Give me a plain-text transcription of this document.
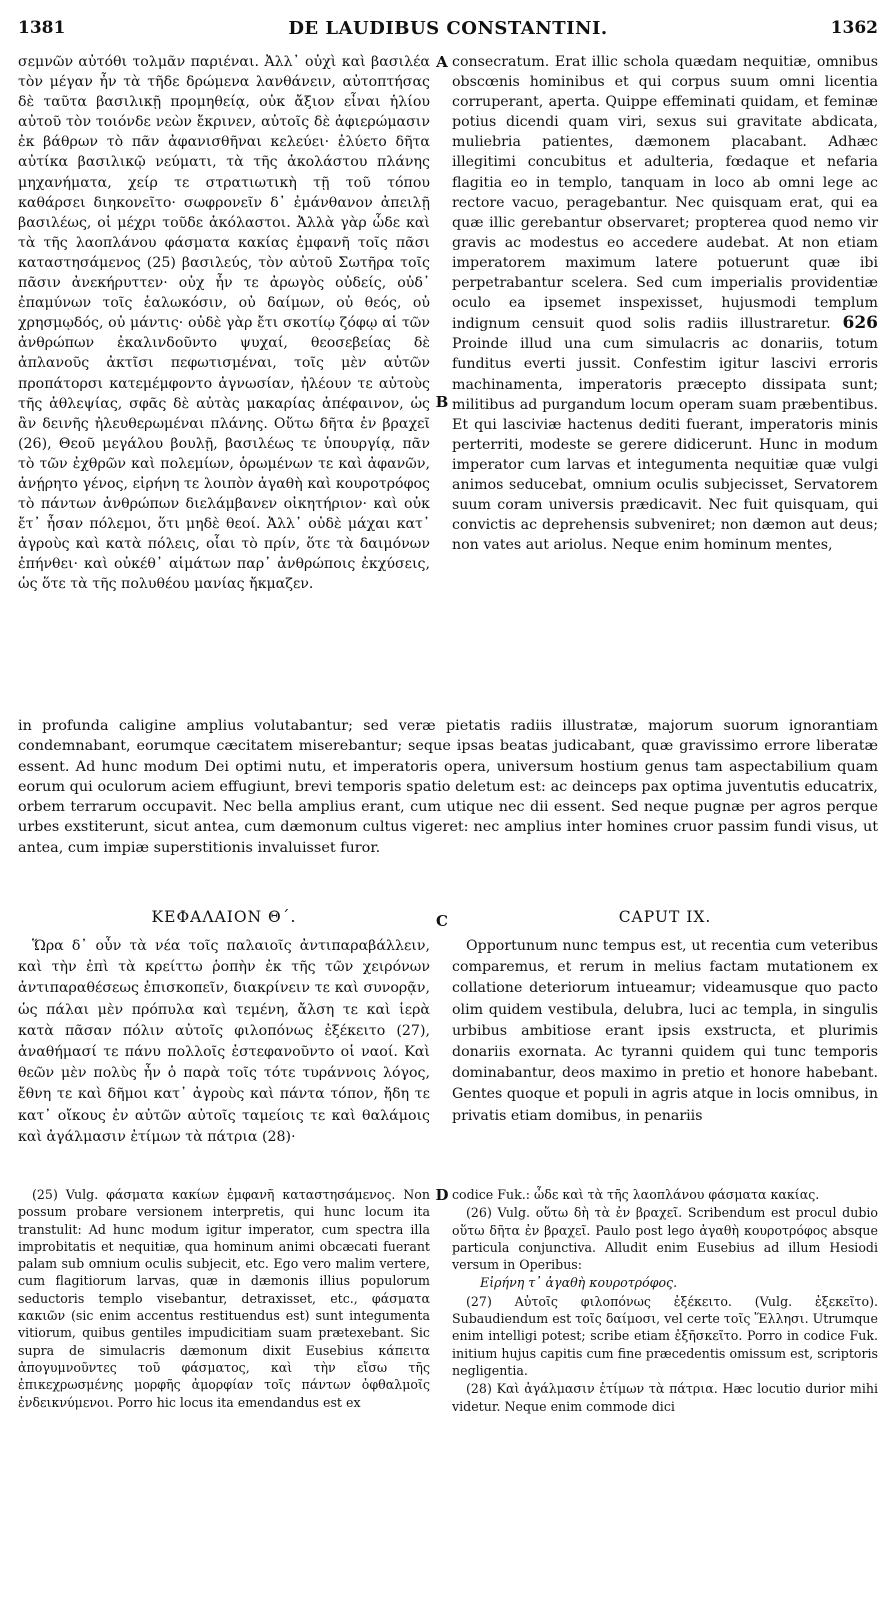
1381	DE LAUDIBUS CONSTANTINI.	1362

σεμνῶν αὐτόθι τολμᾶν παριέναι. Ἀλλ᾽ οὐχὶ καὶ βασιλέα τὸν μέγαν ἦν τὰ τῆδε δρώμενα λανθάνειν, αὐτοπτήσας δὲ ταῦτα βασιλικῇ προμηθείᾳ, οὐκ ἄξιον εἶναι ἡλίου αὐτοῦ τὸν τοιόνδε νεὼν ἔκρινεν, αὐτοῖς δὲ ἀφιερώμασιν ἐκ βάθρων τὸ πᾶν ἀφανισθῆναι κελεύει· ἐλύετο δῆτα αὐτίκα βασιλικῷ νεύματι, τὰ τῆς ἀκολάστου πλάνης μηχανήματα, χείρ τε στρατιωτικὴ τῇ τοῦ τόπου καθάρσει διηκονεῖτο· σωφρονεῖν δ᾽ ἐμάνθανον ἀπειλῇ βασιλέως, οἱ μέχρι τοῦδε ἀκόλαστοι. Ἀλλὰ γὰρ ὧδε καὶ τὰ τῆς λαοπλάνου φάσματα κακίας ἐμφανῆ τοῖς πᾶσι καταστησάμενος (25) βασιλεύς, τὸν αὐτοῦ Σωτῆρα τοῖς πᾶσιν ἀνεκήρυττεν· οὐχ ἦν τε ἀρωγὸς οὐδείς, οὐδ᾽ ἐπαμύνων τοῖς ἑαλωκόσιν, οὐ δαίμων, οὐ θεός, οὐ χρησμῳδός, οὐ μάντις· οὐδὲ γὰρ ἔτι σκοτίῳ ζόφῳ αἱ τῶν ἀνθρώπων ἐκαλινδοῦντο ψυχαί, θεοσεβείας δὲ ἀπλανοῦς ἀκτῖσι πεφωτισμέναι, τοῖς μὲν αὐτῶν προπάτορσι κατεμέμφοντο ἀγνωσίαν, ἠλέουν τε αὐτοὺς τῆς ἀθλεψίας, σφᾶς δὲ αὐτὰς μακαρίας ἀπέφαινον, ὡς ἂν δεινῆς ἠλευθερωμέναι πλάνης. Οὕτω δῆτα ἐν βραχεῖ (26), Θεοῦ μεγάλου βουλῇ, βασιλέως τε ὑπουργίᾳ, πᾶν τὸ τῶν ἐχθρῶν καὶ πολεμίων, ὁρωμένων τε καὶ ἀφανῶν, ἀνῄρητο γένος, εἰρήνη τε λοιπὸν ἀγαθὴ καὶ κουροτρόφος τὸ πάντων ἀνθρώπων διελάμβανεν οἰκητήριον· καὶ οὐκ ἔτ᾽ ἦσαν πόλεμοι, ὅτι μηδὲ θεοί. Ἀλλ᾽ οὐδὲ μάχαι κατ᾽ ἀγροὺς καὶ κατὰ πόλεις, οἷαι τὸ πρίν, ὅτε τὰ δαιμόνων ἐπήνθει· καὶ οὐκέθ᾽ αἱμάτων παρ᾽ ἀνθρώποις ἐκχύσεις, ὡς ὅτε τὰ τῆς πολυθέου μανίας ἤκμαζεν.

consecratum. Erat illic schola quædam nequitiæ, omnibus obscœnis hominibus et qui corpus suum omni licentia corruperant, aperta. Quippe effeminati quidam, et feminæ potius dicendi quam viri, sexus sui gravitate abdicata, muliebria patientes, dæmonem placabant. Adhæc illegitimi concubitus et adulteria, fœdaque et nefaria flagitia eo in templo, tanquam in loco ab omni lege ac rectore vacuo, peragebantur. Nec quisquam erat, qui ea quæ illic gerebantur observaret; propterea quod nemo vir gravis ac modestus eo accedere audebat. At non etiam imperatorem maximum latere potuerunt quæ ibi perpetrabantur scelera. Sed cum imperialis providentiæ oculo ea ipsemet inspexisset, hujusmodi templum indignum censuit quod solis radiis illustraretur. 626 Proinde illud una cum simulacris ac donariis, totum funditus everti jussit. Confestim igitur lascivi erroris machinamenta, imperatoris præcepto dissipata sunt; militibus ad purgandum locum operam suam præbentibus. Et qui lasciviæ hactenus dediti fuerant, imperatoris minis perterriti, modeste se gerere didicerunt. Hunc in modum imperator cum larvas et integumenta nequitiæ quæ vulgi animos seducebat, omnium oculis subjecisset, Servatorem suum coram universis prædicavit. Nec fuit quisquam, qui convictis ac deprehensis subveniret; non dæmon aut deus; non vates aut ariolus. Neque enim hominum mentes,

A
B

in profunda caligine amplius volutabantur; sed veræ pietatis radiis illustratæ, majorum suorum ignorantiam condemnabant, eorumque cæcitatem miserebantur; seque ipsas beatas judicabant, quæ gravissimo errore liberatæ essent. Ad hunc modum Dei optimi nutu, et imperatoris opera, universum hostium genus tam aspectabilium quam eorum qui oculorum aciem effugiunt, brevi temporis spatio deletum est: ac deinceps pax optima juventutis educatrix, orbem terrarum occupavit. Nec bella amplius erant, cum utique nec dii essent. Sed neque pugnæ per agros perque urbes exstiterunt, sicut antea, cum dæmonum cultus vigeret: nec amplius inter homines cruor passim fundi visus, ut antea, cum impiæ superstitionis invaluisset furor.

ΚΕΦΑΛΑΙΟΝ Θ΄.	C	CAPUT IX.

Ὥρα δ᾽ οὖν τὰ νέα τοῖς παλαιοῖς ἀντιπαραβάλλειν, καὶ τὴν ἐπὶ τὰ κρείττω ῥοπὴν ἐκ τῆς τῶν χειρόνων ἀντιπαραθέσεως ἐπισκοπεῖν, διακρίνειν τε καὶ συνορᾷν, ὡς πάλαι μὲν πρόπυλα καὶ τεμένη, ἄλση τε καὶ ἱερὰ κατὰ πᾶσαν πόλιν αὐτοῖς φιλοπόνως ἐξέκειτο (27), ἀναθήμασί τε πάνυ πολλοῖς ἐστεφανοῦντο οἱ ναοί. Καὶ θεῶν μὲν πολὺς ἦν ὁ παρὰ τοῖς τότε τυράννοις λόγος, ἔθνη τε καὶ δῆμοι κατ᾽ ἀγροὺς καὶ πάντα τόπον, ἤδη τε κατ᾽ οἴκους ἐν αὐτῶν αὐτοῖς ταμείοις τε καὶ θαλάμοις καὶ ἀγάλμασιν ἐτίμων τὰ πάτρια (28)·

Opportunum nunc tempus est, ut recentia cum veteribus comparemus, et rerum in melius factam mutationem ex collatione deteriorum intueamur; videamusque quo pacto olim quidem vestibula, delubra, luci ac templa, in singulis urbibus ambitiose erant ipsis exstructa, et plurimis donariis exornata. Ac tyranni quidem qui tunc temporis dominabantur, deos maximo in pretio et honore habebant. Gentes quoque et populi in agris atque in locis omnibus, in privatis etiam domibus, in penariis

D

(25) Vulg. φάσματα κακίων ἐμφανῆ καταστησάμενος. Non possum probare versionem interpretis, qui hunc locum ita transtulit: Ad hunc modum igitur imperator, cum spectra illa improbitatis et nequitiæ, qua hominum animi obcæcati fuerant palam sub omnium oculis subjecit, etc. Ego vero malim vertere, cum flagitiorum larvas, quæ in dæmonis illius populorum seductoris templo visebantur, detraxisset, etc., φάσματα κακιῶν (sic enim accentus restituendus est) sunt integumenta vitiorum, quibus gentiles impudicitiam suam prætexebant. Sic supra de simulacris dæmonum dixit Eusebius κάπειτα ἀπογυμνοῦντες τοῦ φάσματος, καὶ τὴν εἴσω τῆς ἐπικεχρωσμένης μορφῆς ἀμορφίαν τοῖς πάντων ὀφθαλμοῖς ἐνδεικνύμενοι. Porro hic locus ita emendandus est ex

codice Fuk.: ὧδε καὶ τὰ τῆς λαοπλάνου φάσματα κακίας.

(26) Vulg. οὕτω δὴ τὰ ἐν βραχεῖ. Scribendum est procul dubio οὕτω δῆτα ἐν βραχεῖ. Paulo post lego ἀγαθὴ κουροτρόφος absque particula conjunctiva. Alludit enim Eusebius ad illum Hesiodi versum in Operibus:

Εἰρήνη τ᾽ ἀγαθὴ κουροτρόφος.

(27) Αὐτοῖς φιλοπόνως ἐξέκειτο. (Vulg. ἐξεκεῖτο). Subaudiendum est τοῖς δαίμοσι, vel certe τοῖς Ἕλλησι. Utrumque enim intelligi potest; scribe etiam ἐξῆσκεῖτο. Porro in codice Fuk. initium hujus capitis cum fine præcedentis omissum est, scriptoris negligentia.

(28) Καὶ ἀγάλμασιν ἐτίμων τὰ πάτρια. Hæc locutio durior mihi videtur. Neque enim commode dici
